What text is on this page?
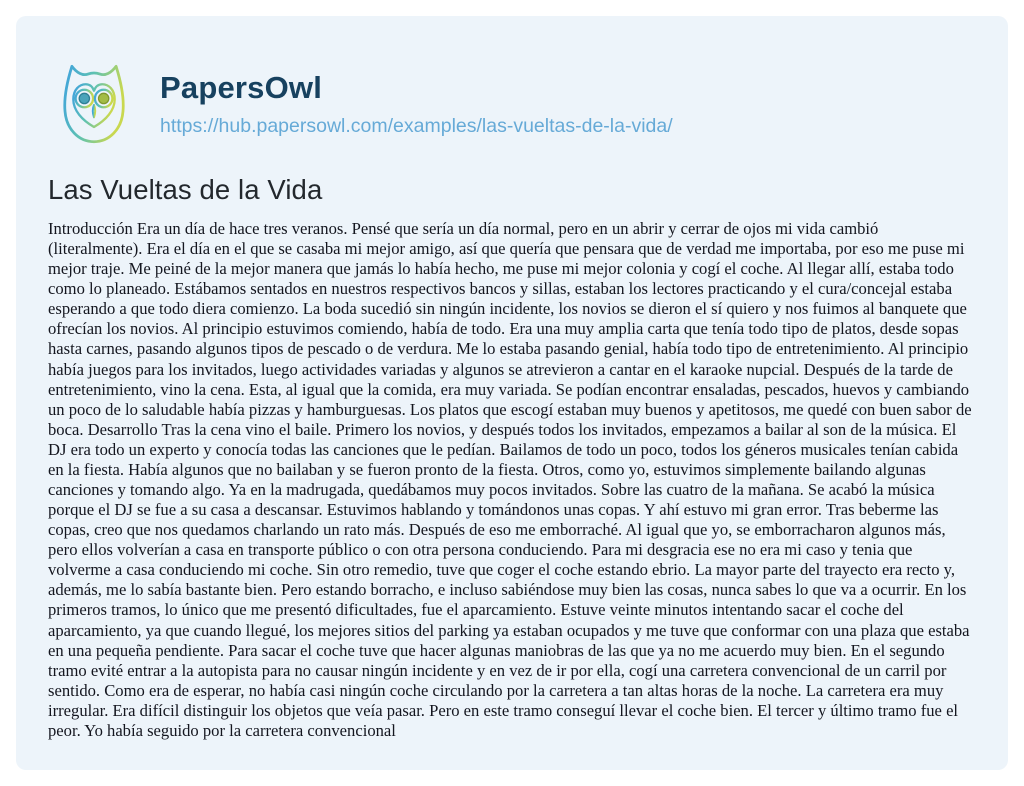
PapersOwl
https://hub.papersowl.com/examples/las-vueltas-de-la-vida/
Las Vueltas de la Vida

Introducción Era un día de hace tres veranos. Pensé que sería un día normal, pero en un abrir y cerrar de ojos mi vida cambió (literalmente). Era el día en el que se casaba mi mejor amigo, así que quería que pensara que de verdad me importaba, por eso me puse mi mejor traje. Me peiné de la mejor manera que jamás lo había hecho, me puse mi mejor colonia y cogí el coche. Al llegar allí, estaba todo como lo planeado. Estábamos sentados en nuestros respectivos bancos y sillas, estaban los lectores practicando y el cura/concejal estaba esperando a que todo diera comienzo. La boda sucedió sin ningún incidente, los novios se dieron el sí quiero y nos fuimos al banquete que ofrecían los novios. Al principio estuvimos comiendo, había de todo. Era una muy amplia carta que tenía todo tipo de platos, desde sopas hasta carnes, pasando algunos tipos de pescado o de verdura. Me lo estaba pasando genial, había todo tipo de entretenimiento. Al principio había juegos para los invitados, luego actividades variadas y algunos se atrevieron a cantar en el karaoke nupcial. Después de la tarde de entretenimiento, vino la cena. Esta, al igual que la comida, era muy variada. Se podían encontrar ensaladas, pescados, huevos y cambiando un poco de lo saludable había pizzas y hamburguesas. Los platos que escogí estaban muy buenos y apetitosos, me quedé con buen sabor de boca. Desarrollo Tras la cena vino el baile. Primero los novios, y después todos los invitados, empezamos a bailar al son de la música. El DJ era todo un experto y conocía todas las canciones que le pedían. Bailamos de todo un poco, todos los géneros musicales tenían cabida en la fiesta. Había algunos que no bailaban y se fueron pronto de la fiesta. Otros, como yo, estuvimos simplemente bailando algunas canciones y tomando algo. Ya en la madrugada, quedábamos muy pocos invitados. Sobre las cuatro de la mañana. Se acabó la música porque el DJ se fue a su casa a descansar. Estuvimos hablando y tomándonos unas copas. Y ahí estuvo mi gran error. Tras beberme las copas, creo que nos quedamos charlando un rato más. Después de eso me emborraché. Al igual que yo, se emborracharon algunos más, pero ellos volverían a casa en transporte público o con otra persona conduciendo. Para mi desgracia ese no era mi caso y tenia que volverme a casa conduciendo mi coche. Sin otro remedio, tuve que coger el coche estando ebrio. La mayor parte del trayecto era recto y, además, me lo sabía bastante bien. Pero estando borracho, e incluso sabiéndose muy bien las cosas, nunca sabes lo que va a ocurrir. En los primeros tramos, lo único que me presentó dificultades, fue el aparcamiento. Estuve veinte minutos intentando sacar el coche del aparcamiento, ya que cuando llegué, los mejores sitios del parking ya estaban ocupados y me tuve que conformar con una plaza que estaba en una pequeña pendiente. Para sacar el coche tuve que hacer algunas maniobras de las que ya no me acuerdo muy bien. En el segundo tramo evité entrar a la autopista para no causar ningún incidente y en vez de ir por ella, cogí una carretera convencional de un carril por sentido. Como era de esperar, no había casi ningún coche circulando por la carretera a tan altas horas de la noche. La carretera era muy irregular. Era difícil distinguir los objetos que veía pasar. Pero en este tramo conseguí llevar el coche bien. El tercer y último tramo fue el peor. Yo había seguido por la carretera convencional
